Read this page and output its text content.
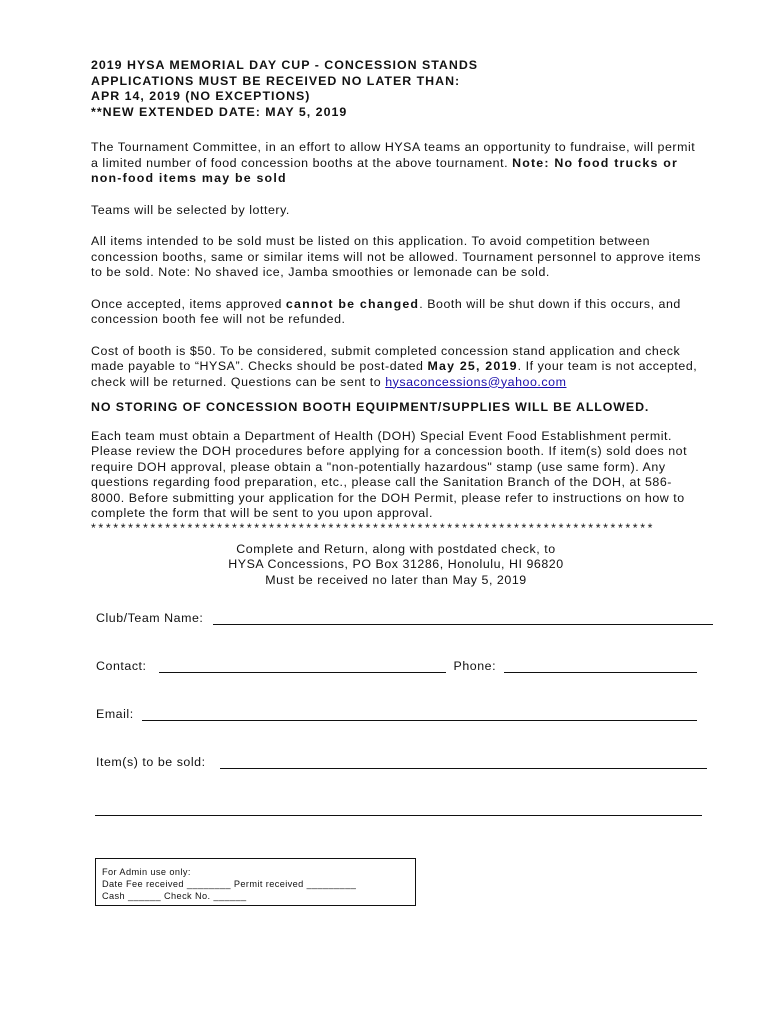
2019 HYSA MEMORIAL DAY CUP - CONCESSION STANDS
APPLICATIONS MUST BE RECEIVED NO LATER THAN:
APR 14, 2019 (NO EXCEPTIONS)
**NEW EXTENDED DATE: MAY 5, 2019

The Tournament Committee, in an effort to allow HYSA teams an opportunity to fundraise, will permit a limited number of food concession booths at the above tournament. Note: No food trucks or non-food items may be sold

Teams will be selected by lottery.

All items intended to be sold must be listed on this application. To avoid competition between concession booths, same or similar items will not be allowed. Tournament personnel to approve items to be sold. Note: No shaved ice, Jamba smoothies or lemonade can be sold.

Once accepted, items approved cannot be changed. Booth will be shut down if this occurs, and concession booth fee will not be refunded.

Cost of booth is $50. To be considered, submit completed concession stand application and check made payable to “HYSA”. Checks should be post-dated May 25, 2019. If your team is not accepted, check will be returned. Questions can be sent to hysaconcessions@yahoo.com

NO STORING OF CONCESSION BOOTH EQUIPMENT/SUPPLIES WILL BE ALLOWED.

Each team must obtain a Department of Health (DOH) Special Event Food Establishment permit. Please review the DOH procedures before applying for a concession booth. If item(s) sold does not require DOH approval, please obtain a "non-potentially hazardous" stamp (use same form). Any questions regarding food preparation, etc., please call the Sanitation Branch of the DOH, at 586-8000. Before submitting your application for the DOH Permit, please refer to instructions on how to complete the form that will be sent to you upon approval.

****************************************************************************
Complete and Return, along with postdated check, to
HYSA Concessions, PO Box 31286, Honolulu, HI 96820
Must be received no later than May 5, 2019
Club/Team Name:
Contact:	Phone:
Email:
Item(s) to be sold:
For Admin use only:
Date Fee received ________ Permit received _________
Cash ______ Check No. ______
